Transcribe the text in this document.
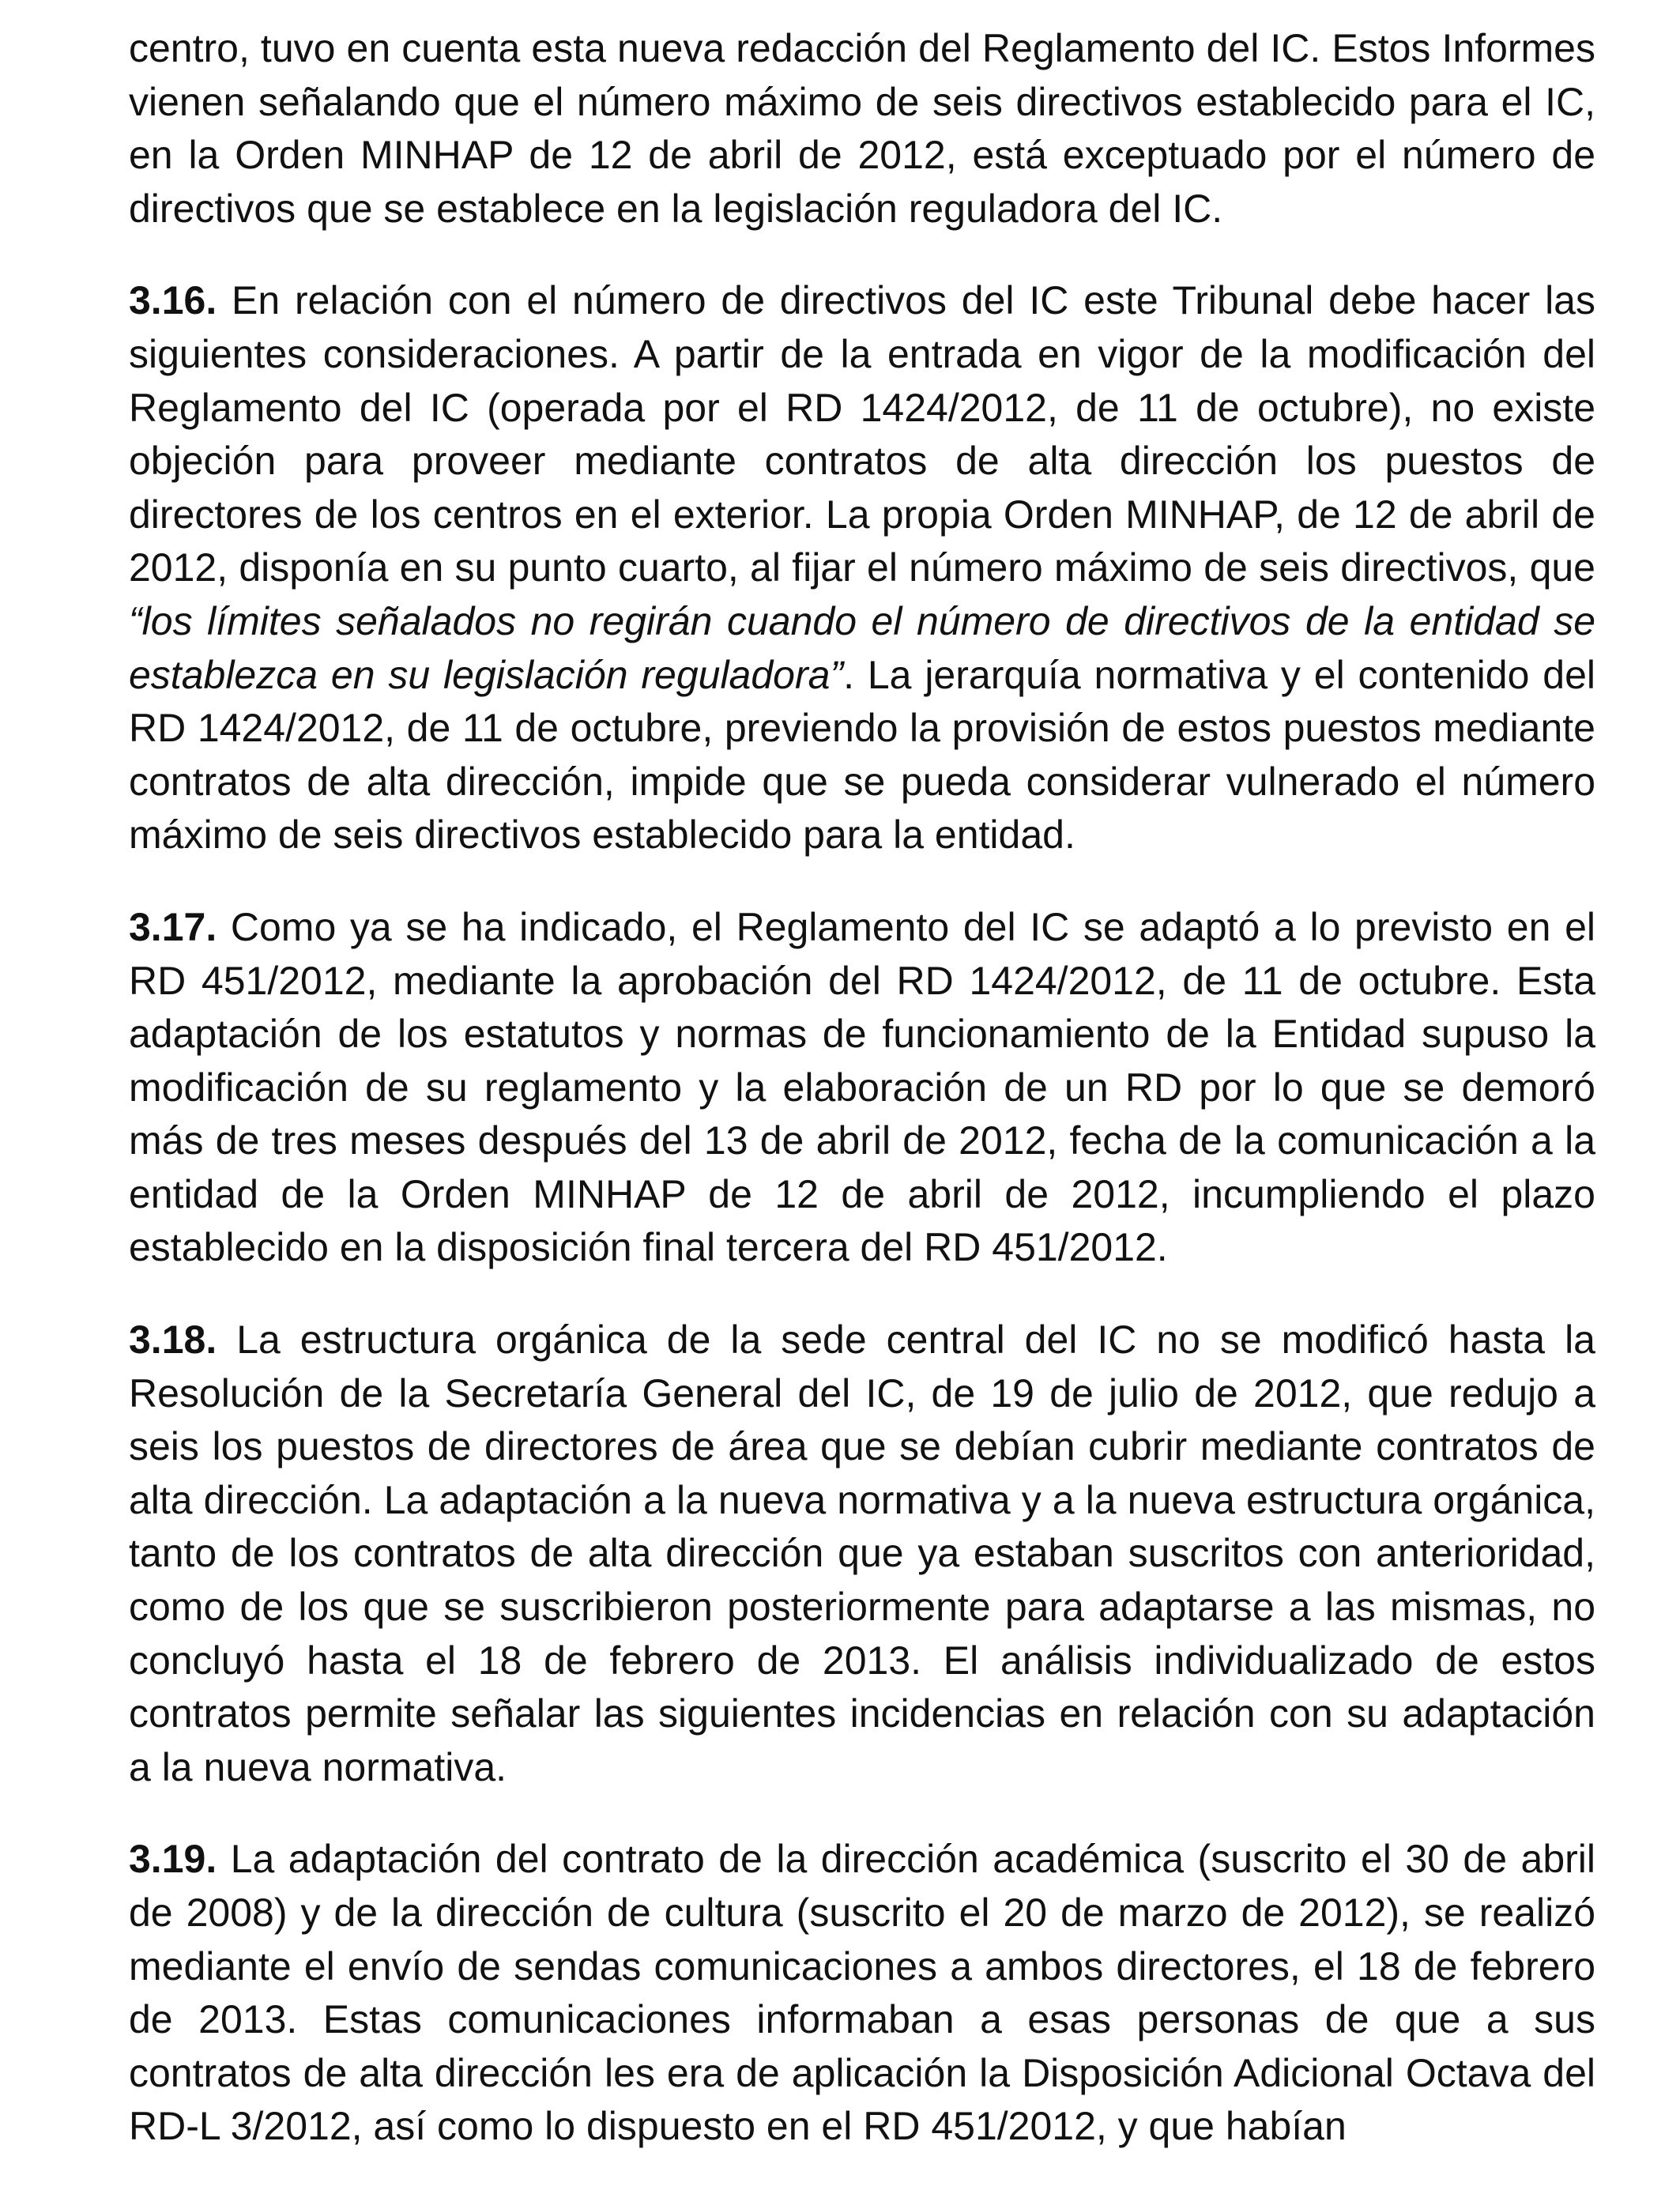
centro, tuvo en cuenta esta nueva redacción del Reglamento del IC. Estos Informes vienen señalando que el número máximo de seis directivos establecido para el IC, en la Orden MINHAP de 12 de abril de 2012, está exceptuado por el número de directivos que se establece en la legislación reguladora del IC.

3.16. En relación con el número de directivos del IC este Tribunal debe hacer las siguientes consideraciones. A partir de la entrada en vigor de la modificación del Reglamento del IC (operada por el RD 1424/2012, de 11 de octubre), no existe objeción para proveer mediante contratos de alta dirección los puestos de directores de los centros en el exterior. La propia Orden MINHAP, de 12 de abril de 2012, disponía en su punto cuarto, al fijar el número máximo de seis directivos, que “los límites señalados no regirán cuando el número de directivos de la entidad se establezca en su legislación reguladora”. La jerarquía normativa y el contenido del RD 1424/2012, de 11 de octubre, previendo la provisión de estos puestos mediante contratos de alta dirección, impide que se pueda considerar vulnerado el número máximo de seis directivos establecido para la entidad.

3.17. Como ya se ha indicado, el Reglamento del IC se adaptó a lo previsto en el RD 451/2012, mediante la aprobación del RD 1424/2012, de 11 de octubre. Esta adaptación de los estatutos y normas de funcionamiento de la Entidad supuso la modificación de su reglamento y la elaboración de un RD por lo que se demoró más de tres meses después del 13 de abril de 2012, fecha de la comunicación a la entidad de la Orden MINHAP de 12 de abril de 2012, incumpliendo el plazo establecido en la disposición final tercera del RD 451/2012.

3.18. La estructura orgánica de la sede central del IC no se modificó hasta la Resolución de la Secretaría General del IC, de 19 de julio de 2012, que redujo a seis los puestos de directores de área que se debían cubrir mediante contratos de alta dirección. La adaptación a la nueva normativa y a la nueva estructura orgánica, tanto de los contratos de alta dirección que ya estaban suscritos con anterioridad, como de los que se suscribieron posteriormente para adaptarse a las mismas, no concluyó hasta el 18 de febrero de 2013. El análisis individualizado de estos contratos permite señalar las siguientes incidencias en relación con su adaptación a la nueva normativa.

3.19. La adaptación del contrato de la dirección académica (suscrito el 30 de abril de 2008) y de la dirección de cultura (suscrito el 20 de marzo de 2012), se realizó mediante el envío de sendas comunicaciones a ambos directores, el 18 de febrero de 2013. Estas comunicaciones informaban a esas personas de que a sus contratos de alta dirección les era de aplicación la Disposición Adicional Octava del RD-L 3/2012, así como lo dispuesto en el RD 451/2012, y que habían
